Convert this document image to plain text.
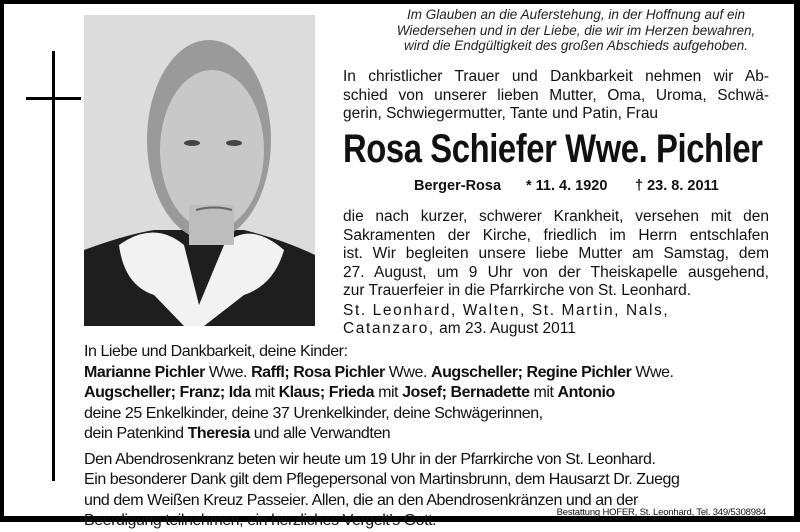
Im Glauben an die Auferstehung, in der Hoffnung auf ein
Wiedersehen und in der Liebe, die wir im Herzen bewahren,
wird die Endgültigkeit des großen Abschieds aufgehoben.
In christlicher Trauer und Dankbarkeit nehmen wir Ab-
schied von unserer lieben Mutter, Oma, Uroma, Schwä-
gerin, Schwiegermutter, Tante und Patin, Frau
Rosa Schiefer Wwe. Pichler
Berger-Rosa * 11. 4. 1920 † 23. 8. 2011
die nach kurzer, schwerer Krankheit, versehen mit den
Sakramenten der Kirche, friedlich im Herrn entschlafen
ist. Wir begleiten unsere liebe Mutter am Samstag, dem
27. August, um 9 Uhr von der Theiskapelle ausgehend,
zur Trauerfeier in die Pfarrkirche von St. Leonhard.
St. Leonhard, Walten, St. Martin, Nals,
Catanzaro, am 23. August 2011
In Liebe und Dankbarkeit, deine Kinder:
Marianne Pichler Wwe. Raffl; Rosa Pichler Wwe. Augscheller; Regine Pichler Wwe.
Augscheller; Franz; Ida mit Klaus; Frieda mit Josef; Bernadette mit Antonio
deine 25 Enkelkinder, deine 37 Urenkelkinder, deine Schwägerinnen,
dein Patenkind Theresia und alle Verwandten
Den Abendrosenkranz beten wir heute um 19 Uhr in der Pfarrkirche von St. Leonhard.
Ein besonderer Dank gilt dem Pflegepersonal von Martinsbrunn, dem Hausarzt Dr. Zuegg
und dem Weißen Kreuz Passeier. Allen, die an den Abendrosenkränzen und an der
Beerdigung teilnehmen, ein herzliches Vergelt’s Gott.	Bestattung HOFER, St. Leonhard, Tel. 349/5308984
